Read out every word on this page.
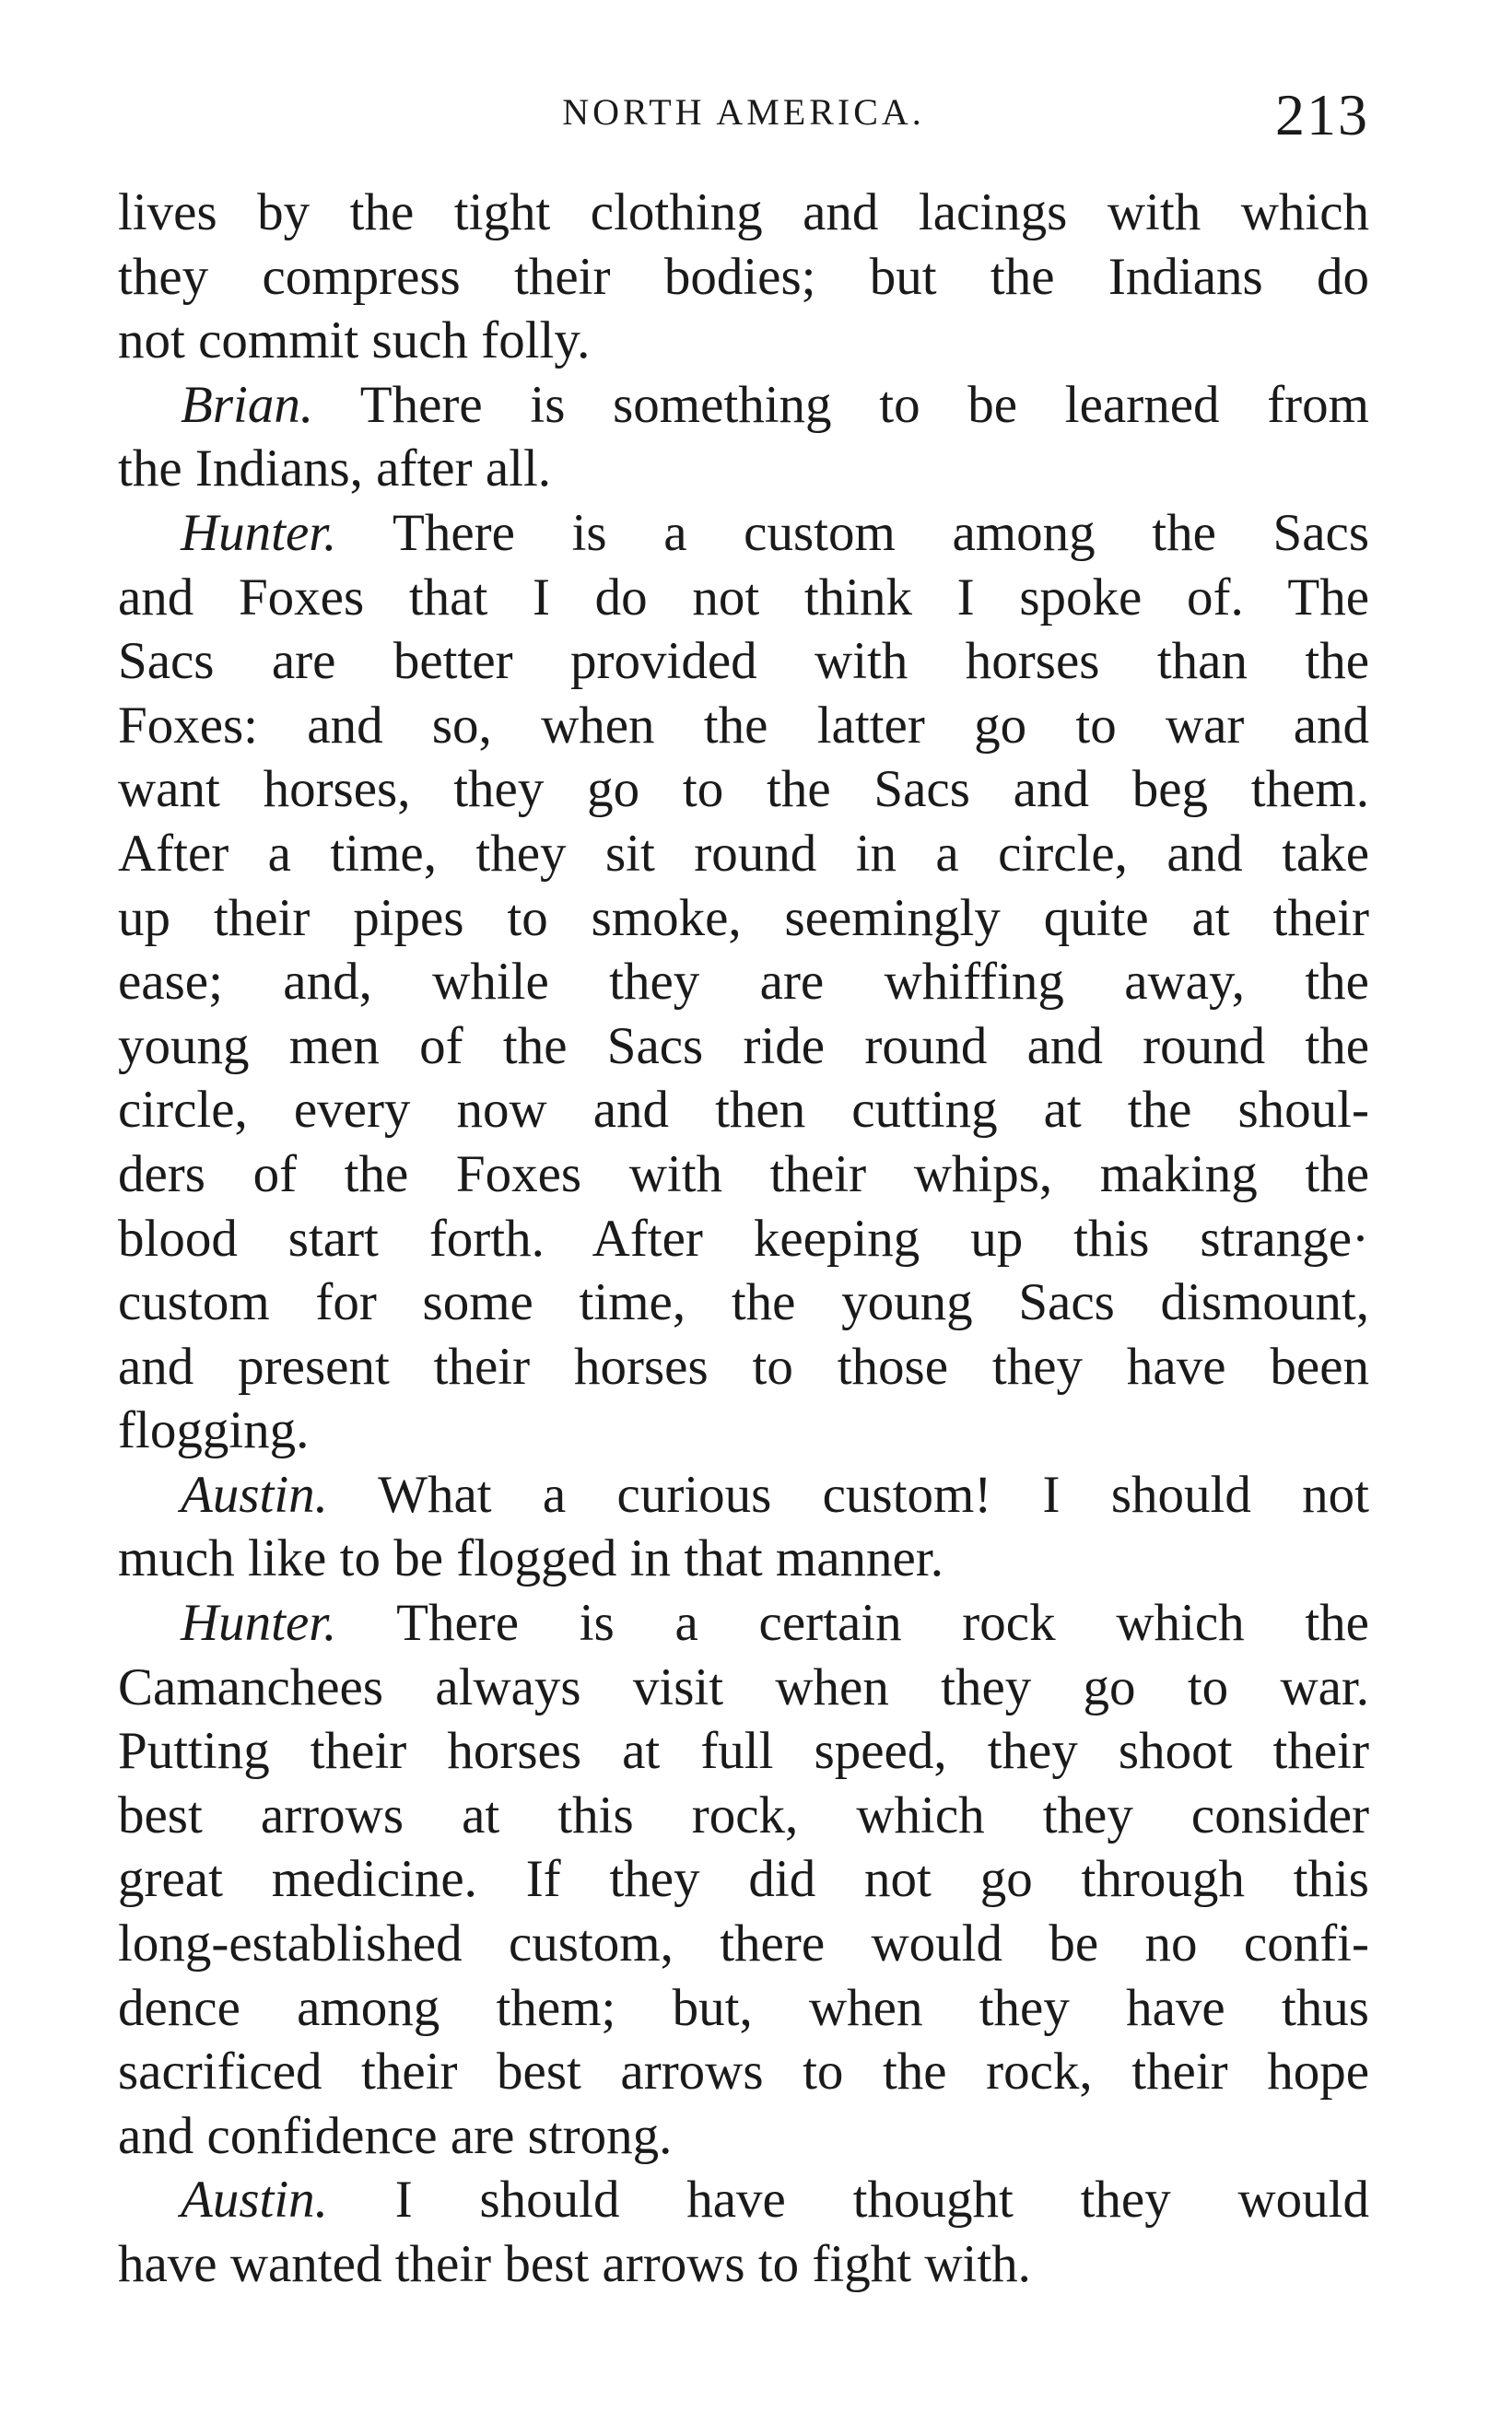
NORTH AMERICA.	213
lives by the tight clothing and lacings with which
they compress their bodies; but the Indians do
not commit such folly.
Brian. There is something to be learned from
the Indians, after all.
Hunter. There is a custom among the Sacs
and Foxes that I do not think I spoke of. The
Sacs are better provided with horses than the
Foxes: and so, when the latter go to war and
want horses, they go to the Sacs and beg them.
After a time, they sit round in a circle, and take
up their pipes to smoke, seemingly quite at their
ease; and, while they are whiffing away, the
young men of the Sacs ride round and round the
circle, every now and then cutting at the shoul-
ders of the Foxes with their whips, making the
blood start forth. After keeping up this strange·
custom for some time, the young Sacs dismount,
and present their horses to those they have been
flogging.
Austin. What a curious custom! I should not
much like to be flogged in that manner.
Hunter. There is a certain rock which the
Camanchees always visit when they go to war.
Putting their horses at full speed, they shoot their
best arrows at this rock, which they consider
great medicine. If they did not go through this
long-established custom, there would be no confi-
dence among them; but, when they have thus
sacrificed their best arrows to the rock, their hope
and confidence are strong.
Austin. I should have thought they would
have wanted their best arrows to fight with.
